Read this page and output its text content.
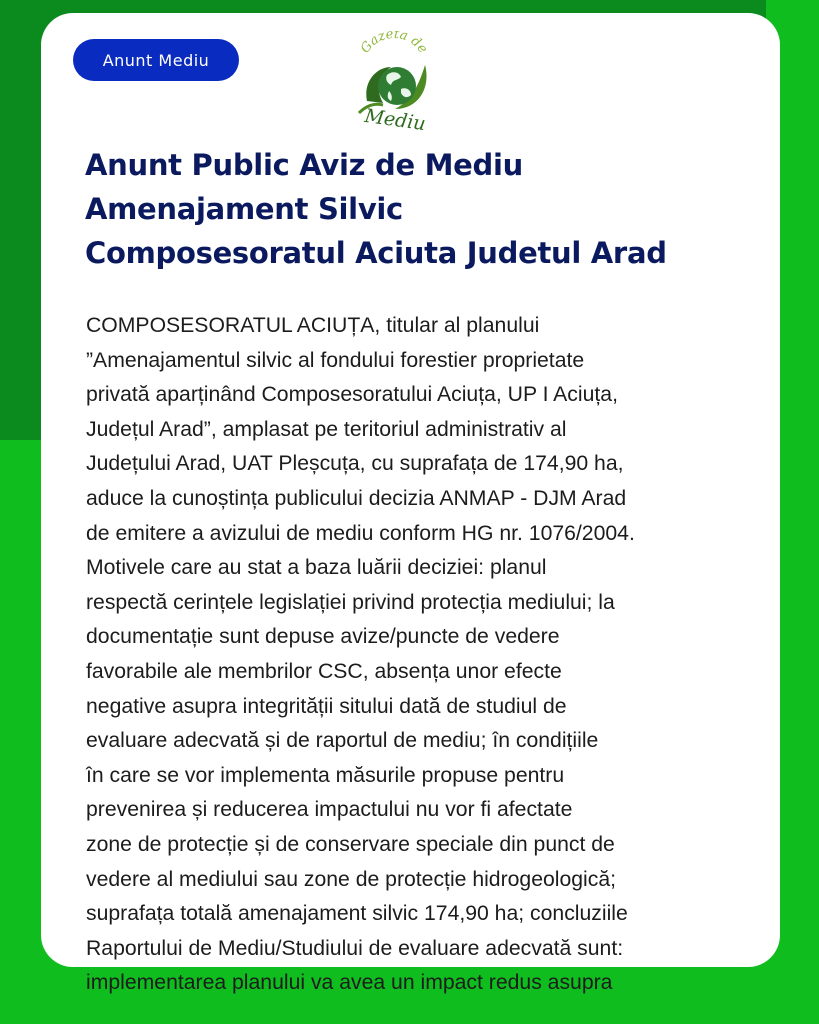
Anunt Mediu
Gazeta de
Mediu
Anunt Public Aviz de Mediu
Amenajament Silvic
Composesoratul Aciuta Judetul Arad
COMPOSESORATUL ACIUȚA, titular al planului
”Amenajamentul silvic al fondului forestier proprietate
privată aparținând Composesoratului Aciuța, UP I Aciuța,
Județul Arad”, amplasat pe teritoriul administrativ al
Județului Arad, UAT Pleșcuța, cu suprafața de 174,90 ha,
aduce la cunoștința publicului decizia ANMAP - DJM Arad
de emitere a avizului de mediu conform HG nr. 1076/2004.
Motivele care au stat a baza luării deciziei: planul
respectă cerințele legislației privind protecția mediului; la
documentație sunt depuse avize/puncte de vedere
favorabile ale membrilor CSC, absența unor efecte
negative asupra integrității sitului dată de studiul de
evaluare adecvată și de raportul de mediu; în condițiile
în care se vor implementa măsurile propuse pentru
prevenirea și reducerea impactului nu vor fi afectate
zone de protecție și de conservare speciale din punct de
vedere al mediului sau zone de protecție hidrogeologică;
suprafața totală amenajament silvic 174,90 ha; concluziile
Raportului de Mediu/Studiului de evaluare adecvată sunt:
implementarea planului va avea un impact redus asupra
